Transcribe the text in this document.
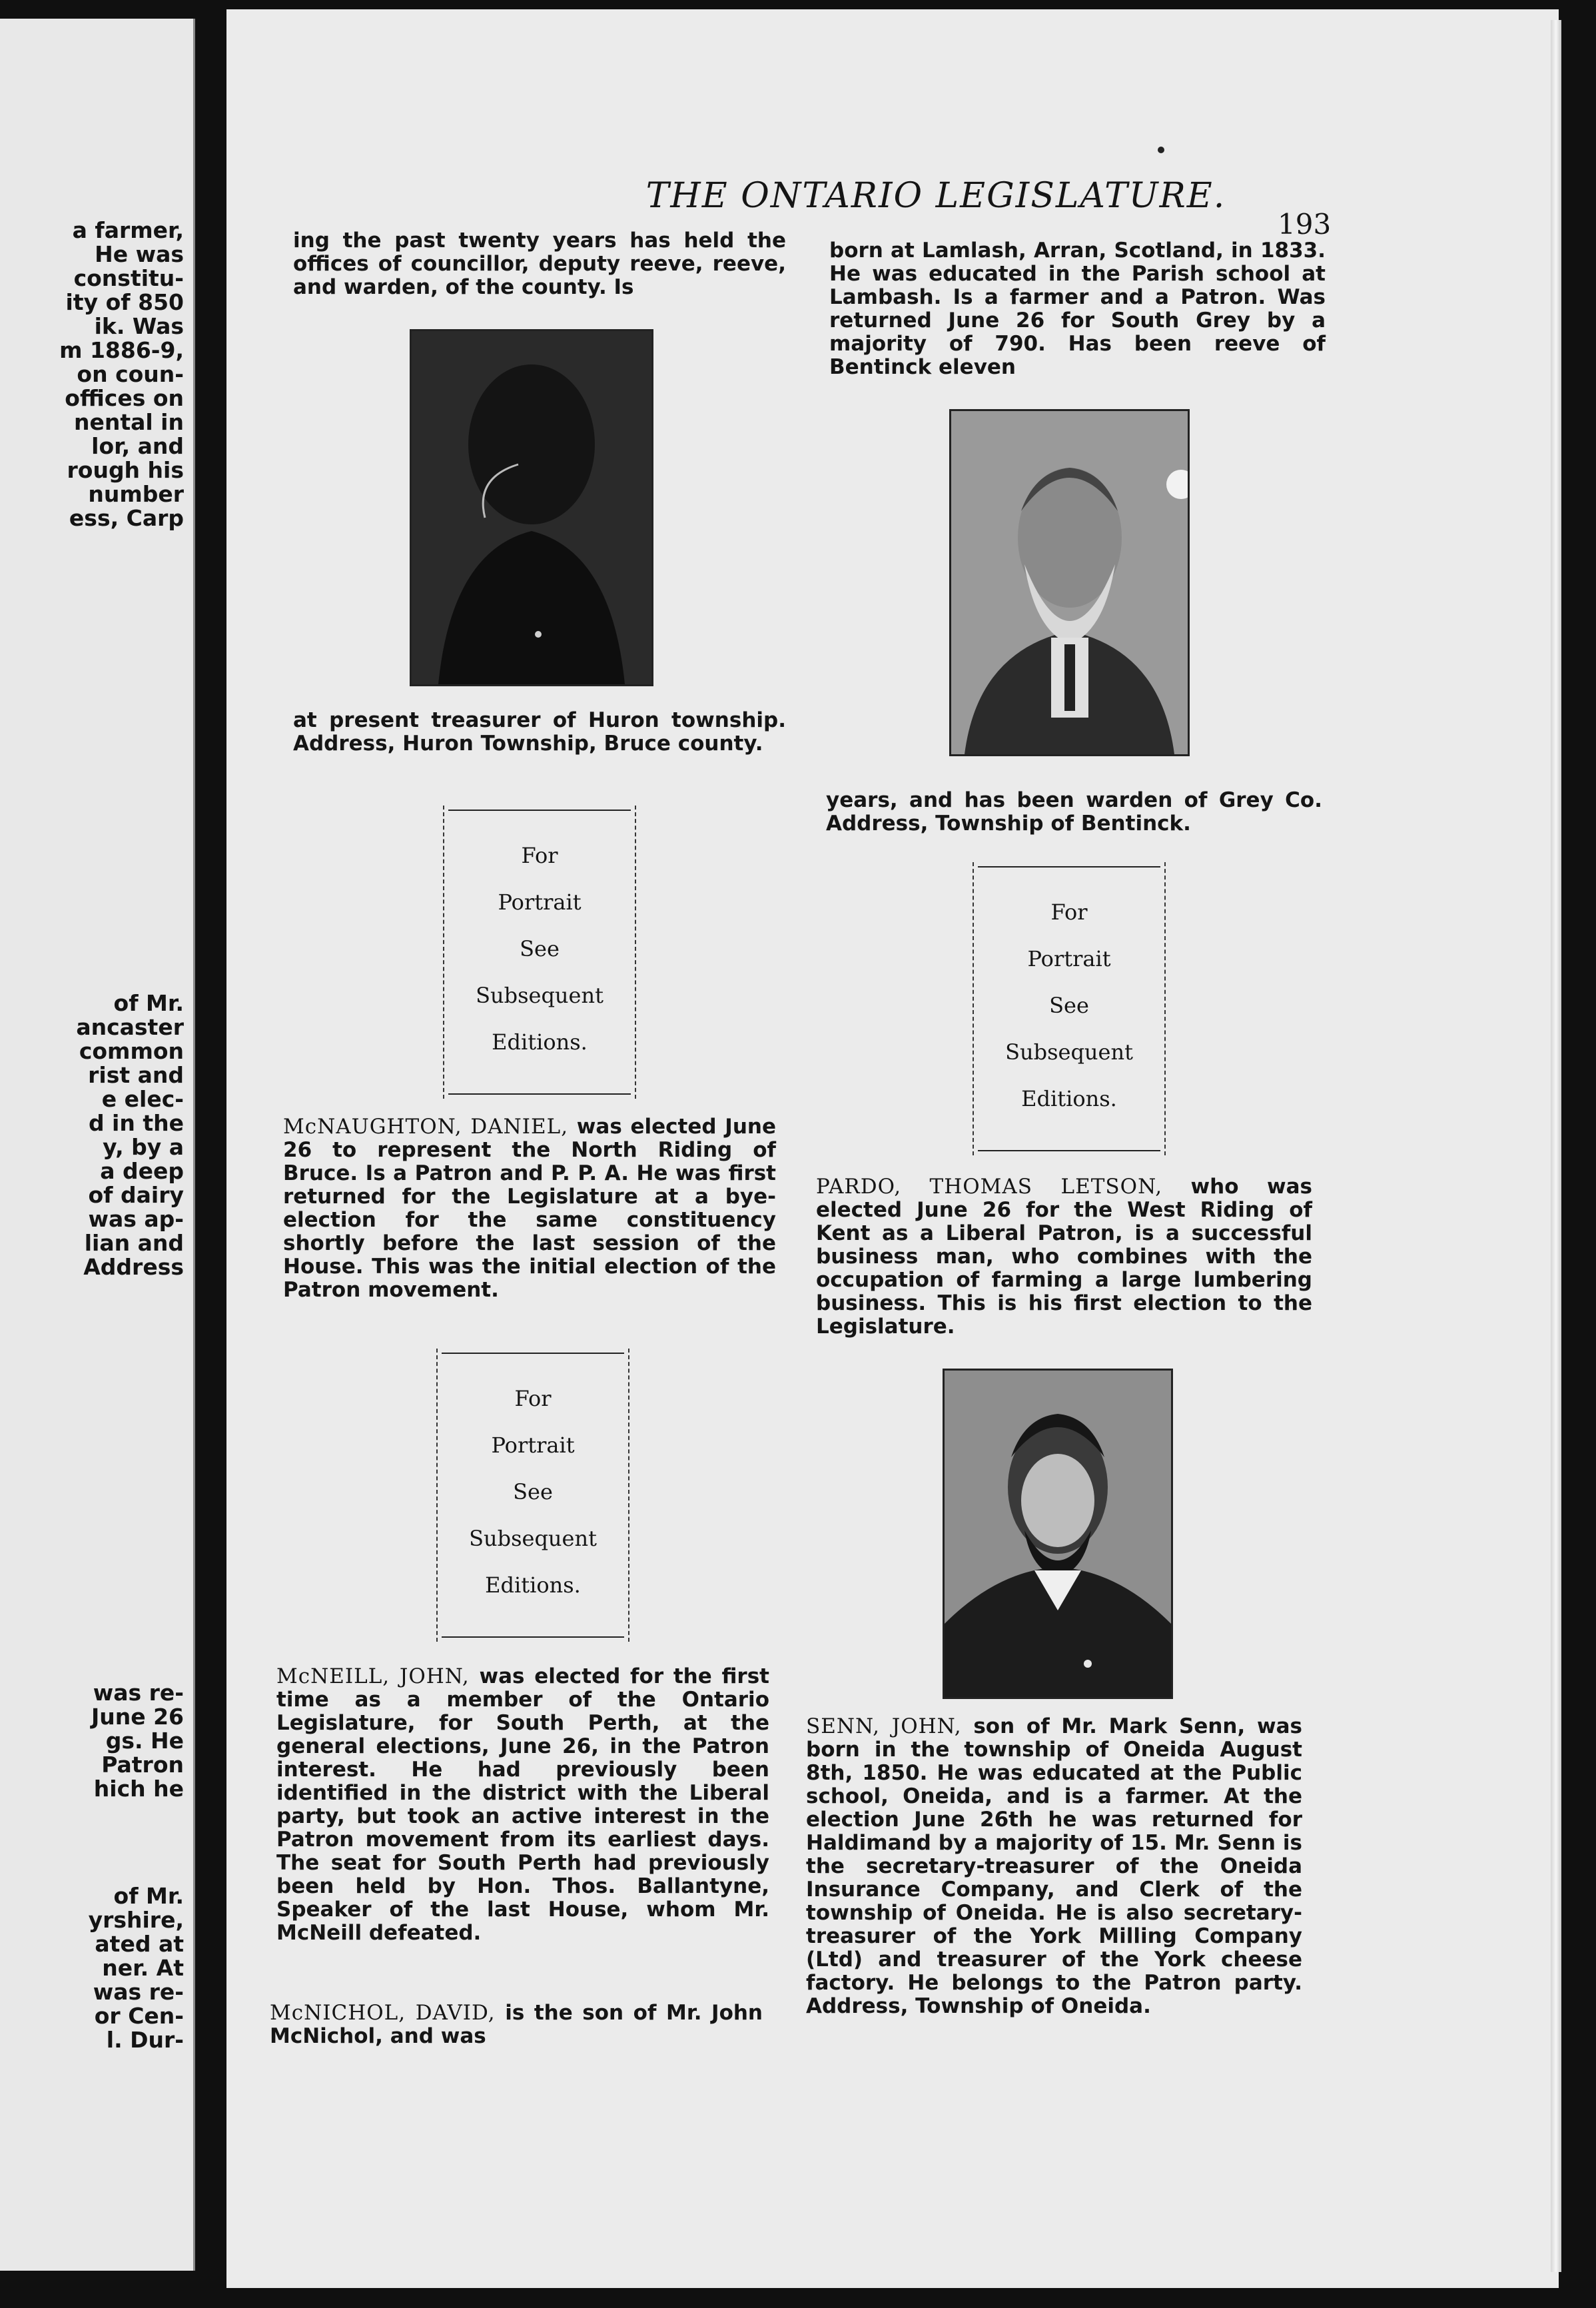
a farmer,
He was
constitu-
ity of 850
ik. Was
m 1886-9,
on coun-
offices on
nental in
lor, and
rough his
number
ess, Carp
of Mr.
ancaster
common
rist and
e elec-
d in the
y, by a
a deep
of dairy
was ap-
lian and
Address
was re-
June 26
gs. He
Patron
hich he
of Mr.
yrshire,
ated at
ner. At
was re-
or Cen-
l. Dur-
THE ONTARIO LEGISLATURE.
193

ing the past twenty years has held the offices of councillor, deputy reeve, reeve, and warden, of the county. Is

at present treasurer of Huron township. Address, Huron Township, Bruce county.

For
Portrait
See
Subsequent
Editions.

McNAUGHTON, DANIEL, was elected June 26 to represent the North Riding of Bruce. Is a Patron and P. P. A. He was first returned for the Legislature at a bye-election for the same constituency shortly before the last session of the House. This was the initial election of the Patron movement.

For
Portrait
See
Subsequent
Editions.

McNEILL, JOHN, was elected for the first time as a member of the Ontario Legislature, for South Perth, at the general elections, June 26, in the Patron interest. He had previously been identified in the district with the Liberal party, but took an active interest in the Patron movement from its earliest days. The seat for South Perth had previously been held by Hon. Thos. Ballantyne, Speaker of the last House, whom Mr. McNeill defeated.

McNICHOL, DAVID, is the son of Mr. John McNichol, and was

born at Lamlash, Arran, Scotland, in 1833. He was educated in the Parish school at Lambash. Is a farmer and a Patron. Was returned June 26 for South Grey by a majority of 790. Has been reeve of Bentinck eleven

years, and has been warden of Grey Co. Address, Township of Bentinck.

For
Portrait
See
Subsequent
Editions.

PARDO, THOMAS LETSON, who was elected June 26 for the West Riding of Kent as a Liberal Patron, is a successful business man, who combines with the occupation of farming a large lumbering business. This is his first election to the Legislature.

SENN, JOHN, son of Mr. Mark Senn, was born in the township of Oneida August 8th, 1850. He was educated at the Public school, Oneida, and is a farmer. At the election June 26th he was returned for Haldimand by a majority of 15. Mr. Senn is the secretary-treasurer of the Oneida Insurance Company, and Clerk of the township of Oneida. He is also secretary-treasurer of the York Milling Company (Ltd) and treasurer of the York cheese factory. He belongs to the Patron party. Address, Township of Oneida.
